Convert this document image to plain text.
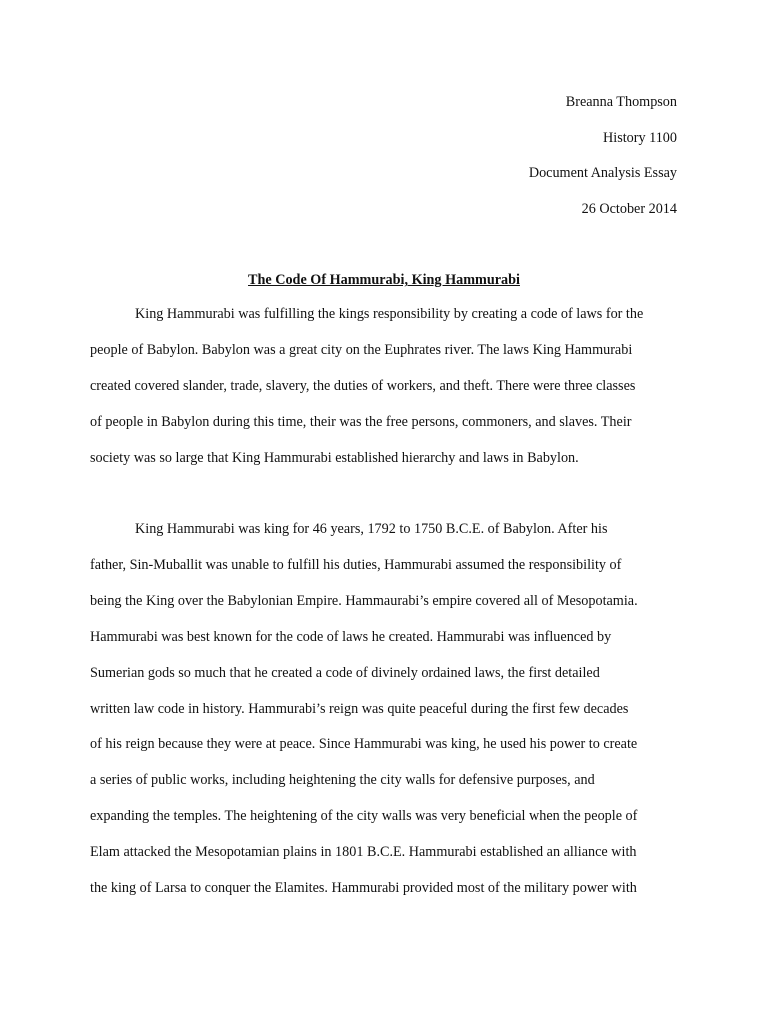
Breanna Thompson
History 1100
Document Analysis Essay
26 October 2014
The Code Of Hammurabi, King Hammurabi
King Hammurabi was fulfilling the kings responsibility by creating a code of laws for the
people of Babylon. Babylon was a great city on the Euphrates river. The laws King Hammurabi
created covered slander, trade, slavery, the duties of workers, and theft. There were three classes
of people in Babylon during this time, their was the free persons, commoners, and slaves. Their
society was so large that King Hammurabi established hierarchy and laws in Babylon.
King Hammurabi was king for 46 years, 1792 to 1750 B.C.E. of Babylon. After his
father, Sin-Muballit was unable to fulfill his duties, Hammurabi assumed the responsibility of
being the King over the Babylonian Empire. Hammaurabi’s empire covered all of Mesopotamia.
Hammurabi was best known for the code of laws he created. Hammurabi was influenced by
Sumerian gods so much that he created a code of divinely ordained laws, the first detailed
written law code in history. Hammurabi’s reign was quite peaceful during the first few decades
of his reign because they were at peace. Since Hammurabi was king, he used his power to create
a series of public works, including heightening the city walls for defensive purposes, and
expanding the temples. The heightening of the city walls was very beneficial when the people of
Elam attacked the Mesopotamian plains in 1801 B.C.E. Hammurabi established an alliance with
the king of Larsa to conquer the Elamites. Hammurabi provided most of the military power with
